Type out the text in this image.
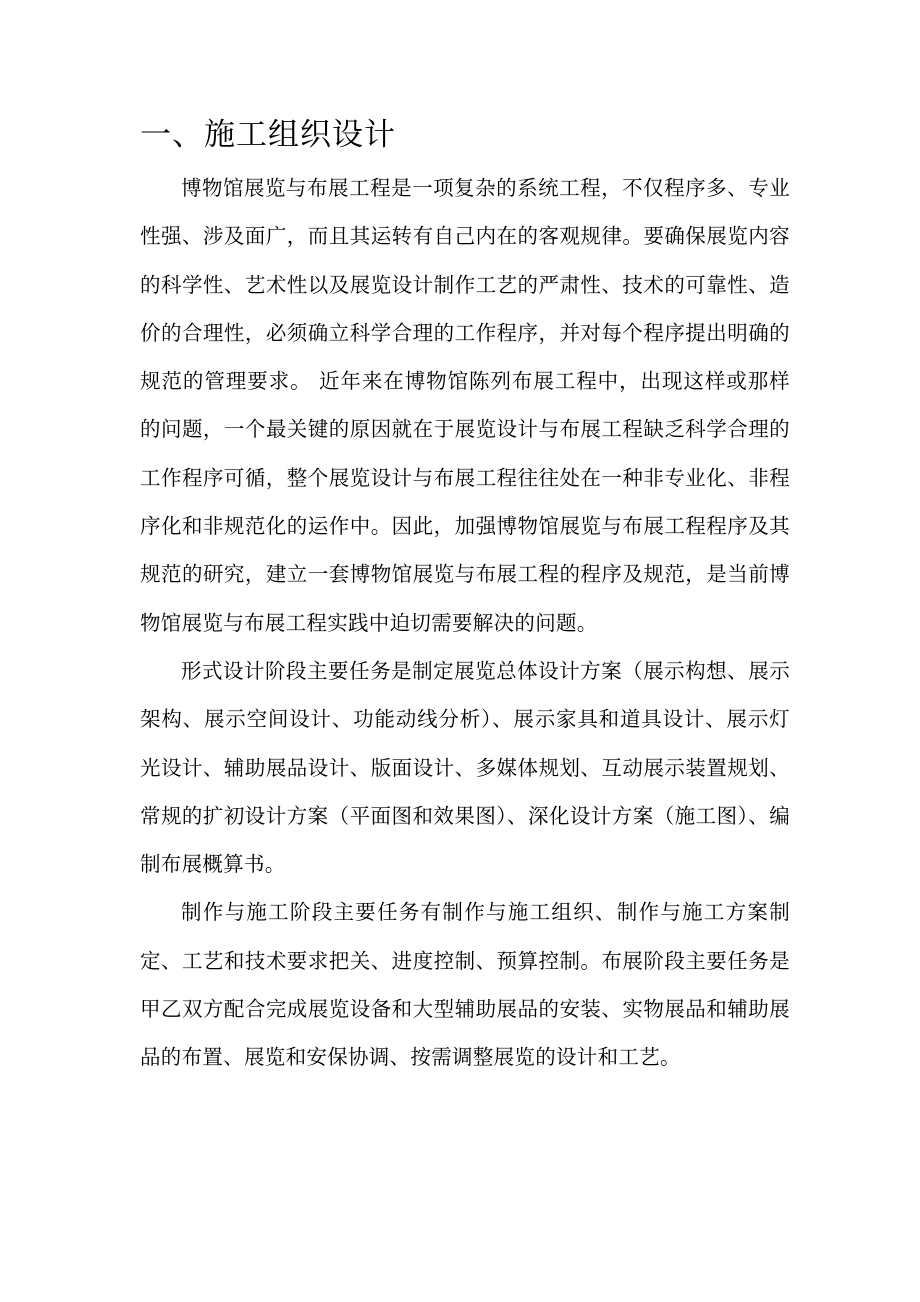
一、施工组织设计

博物馆展览与布展工程是一项复杂的系统工程，不仅程序多、专业性强、涉及面广，而且其运转有自己内在的客观规律。要确保展览内容的科学性、艺术性以及展览设计制作工艺的严肃性、技术的可靠性、造价的合理性，必须确立科学合理的工作程序，并对每个程序提出明确的规范的管理要求。 近年来在博物馆陈列布展工程中，出现这样或那样的问题，一个最关键的原因就在于展览设计与布展工程缺乏科学合理的工作程序可循，整个展览设计与布展工程往往处在一种非专业化、非程序化和非规范化的运作中。因此，加强博物馆展览与布展工程程序及其规范的研究，建立一套博物馆展览与布展工程的程序及规范，是当前博物馆展览与布展工程实践中迫切需要解决的问题。

形式设计阶段主要任务是制定展览总体设计方案（展示构想、展示架构、展示空间设计、功能动线分析）、展示家具和道具设计、展示灯光设计、辅助展品设计、版面设计、多媒体规划、互动展示装置规划、常规的扩初设计方案（平面图和效果图）、深化设计方案（施工图）、编制布展概算书。

制作与施工阶段主要任务有制作与施工组织、制作与施工方案制定、工艺和技术要求把关、进度控制、预算控制。布展阶段主要任务是甲乙双方配合完成展览设备和大型辅助展品的安装、实物展品和辅助展品的布置、展览和安保协调、按需调整展览的设计和工艺。
